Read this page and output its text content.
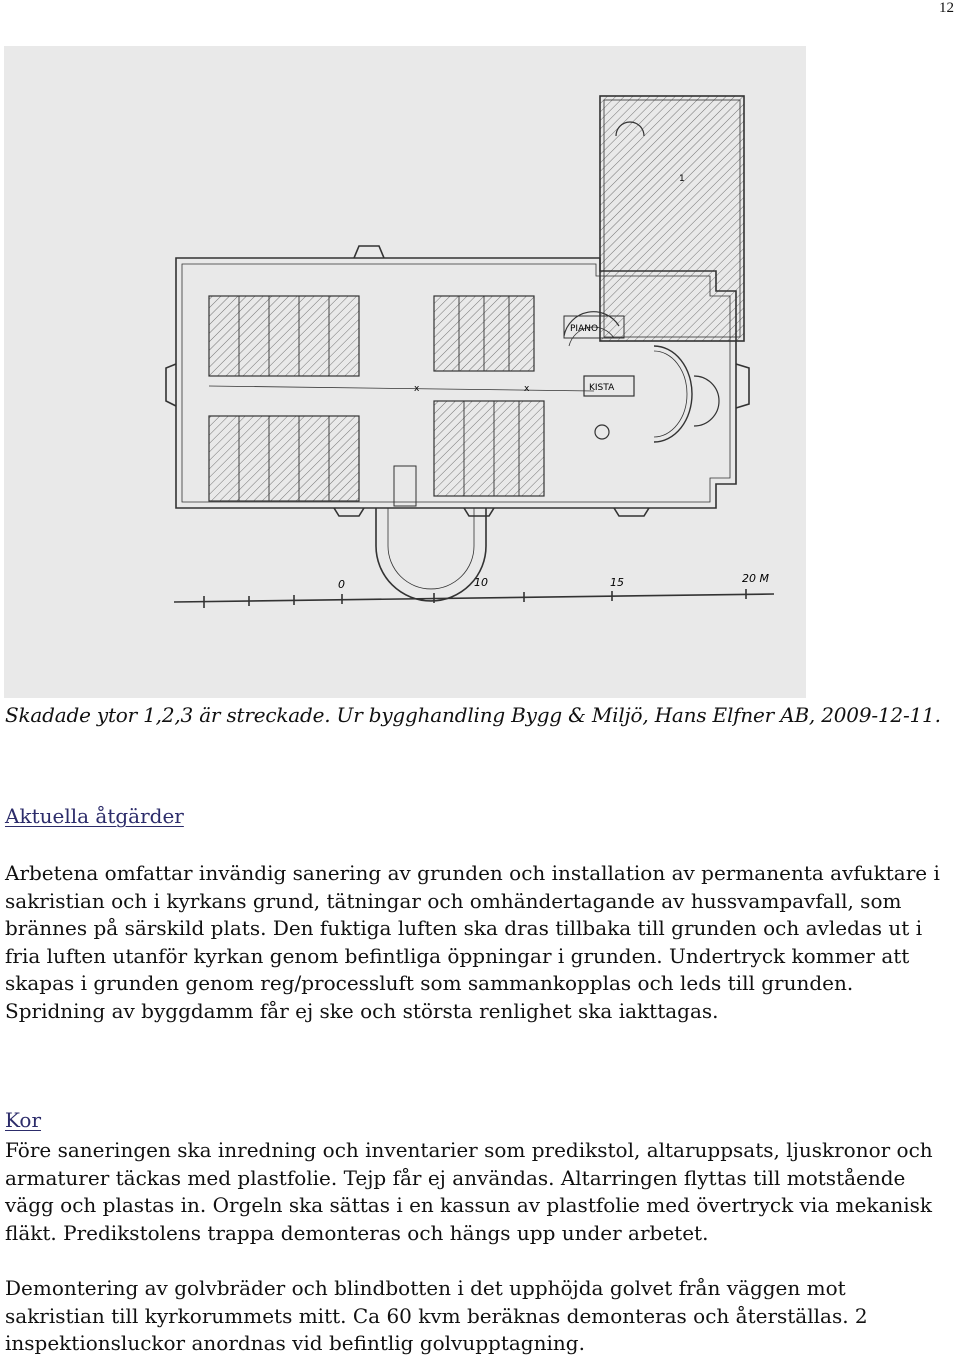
12
PIANO
KISTA
1
x	x
0	10	15	20 M
Skadade ytor 1,2,3 är streckade. Ur bygghandling Bygg & Miljö, Hans Elfner AB, 2009-12-11.
Aktuella åtgärder
Arbetena omfattar invändig sanering av grunden och installation av permanenta avfuktare i sakristian och i kyrkans grund, tätningar och omhändertagande av hussvampavfall, som brännes på särskild plats. Den fuktiga luften ska dras tillbaka till grunden och avledas ut i fria luften utanför kyrkan genom befintliga öppningar i grunden. Undertryck kommer att skapas i grunden genom reg/processluft som sammankopplas och leds till grunden. Spridning av byggdamm får ej ske och största renlighet ska iakttagas.
Kor
Före saneringen ska inredning och inventarier som predikstol, altaruppsats, ljuskronor och armaturer täckas med plastfolie. Tejp får ej användas. Altarringen flyttas till motstående vägg och plastas in. Orgeln ska sättas i en kassun av plastfolie med övertryck via mekanisk fläkt. Predikstolens trappa demonteras och hängs upp under arbetet.
Demontering av golvbräder och blindbotten i det upphöjda golvet från väggen mot sakristian till kyrkorummets mitt. Ca 60 kvm beräknas demonteras och återställas. 2 inspektionsluckor anordnas vid befintlig golvupptagning.
